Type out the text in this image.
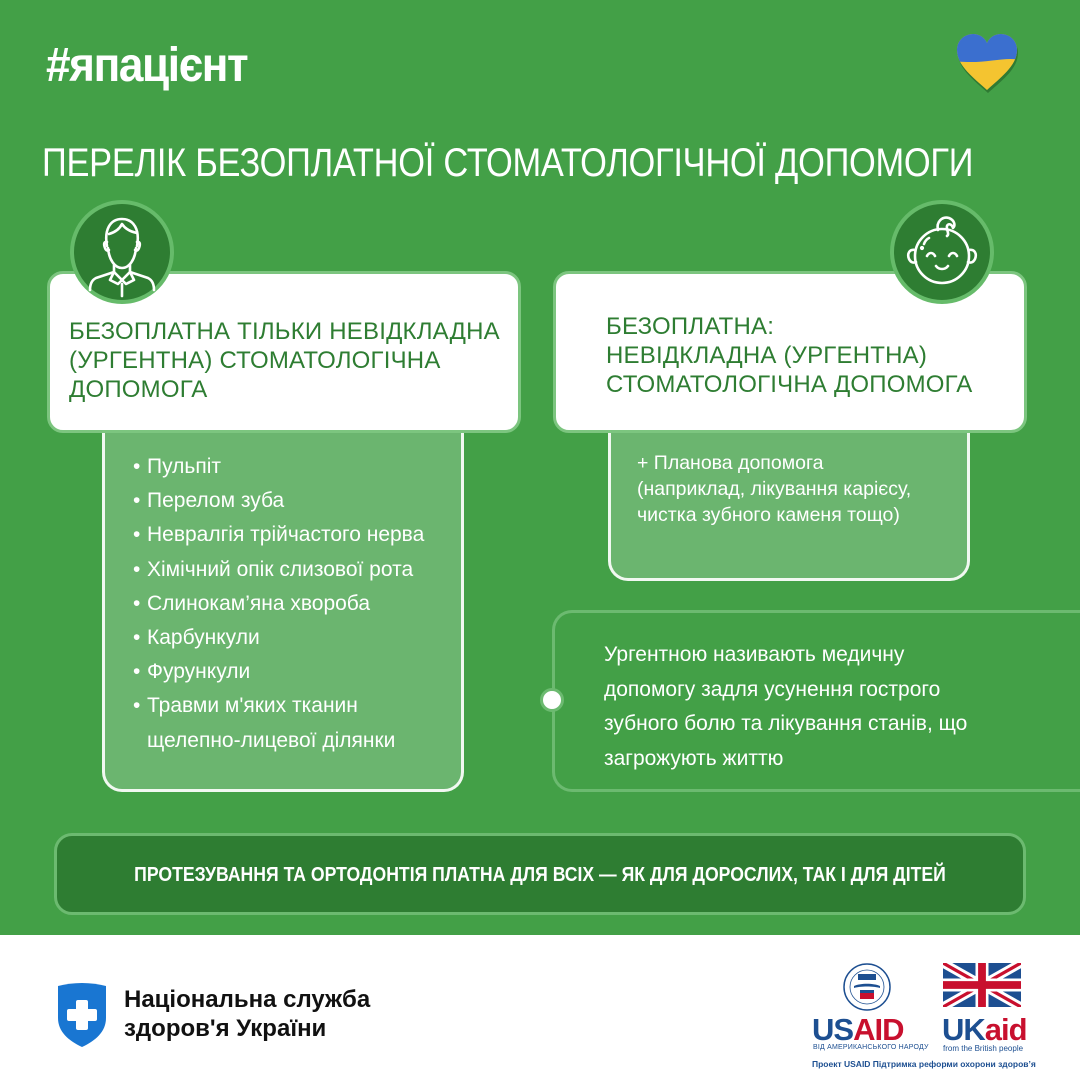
#япацієнт
ПЕРЕЛІК БЕЗОПЛАТНОЇ СТОМАТОЛОГІЧНОЇ ДОПОМОГИ
• Пульпіт
• Перелом зуба
• Невралгія трійчастого нерва
• Хімічний опік слизової рота
• Слинокам’яна хвороба
• Карбункули
• Фурункули
• Травми м'яких тканин
щелепно-лицевої ділянки
БЕЗОПЛАТНА ТІЛЬКИ НЕВІДКЛАДНА
(УРГЕНТНА) СТОМАТОЛОГІЧНА
ДОПОМОГА
+ Планова допомога
(наприклад, лікування карієсу,
чистка зубного каменя тощо)
БЕЗОПЛАТНА:
НЕВІДКЛАДНА (УРГЕНТНА)
СТОМАТОЛОГІЧНА ДОПОМОГА
Ургентною називають медичну
допомогу задля усунення гострого
зубного болю та лікування станів, що
загрожують життю
ПРОТЕЗУВАННЯ ТА ОРТОДОНТІЯ ПЛАТНА ДЛЯ ВСІХ — ЯК ДЛЯ ДОРОСЛИХ, ТАК І ДЛЯ ДІТЕЙ
Національна служба
здоров'я України	USAID
ВІД АМЕРИКАНСЬКОГО НАРОДУ
UKaid
from the British people
Проект USAID Підтримка реформи охорони здоров’я
